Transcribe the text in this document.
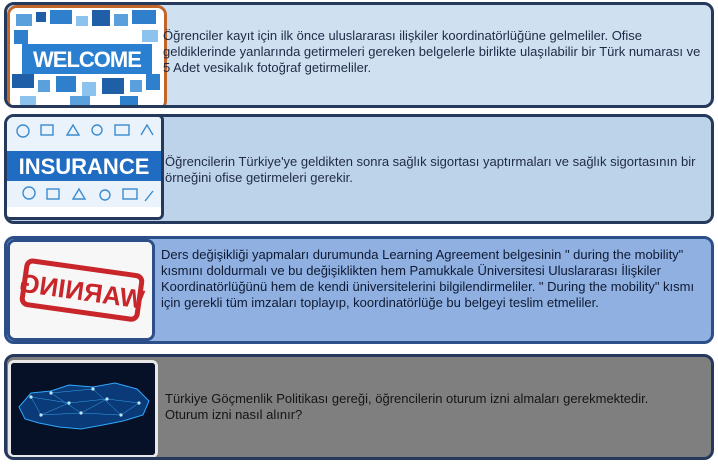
WELCOME
Öğrenciler kayıt için ilk önce uluslararası ilişkiler koordinatörlüğüne gelmeliler. Ofise geldiklerinde yanlarında getirmeleri gereken belgelerle birlikte ulaşılabilir bir Türk numarası ve 5 Adet vesikalık fotoğraf getirmeliler.
INSURANCE Öğrencilerin Türkiye'ye geldikten sonra sağlık sigortası yaptırmaları ve sağlık sigortasının bir örneğini ofise getirmeleri gerekir.
WARNING
Ders değişikliği yapmaları durumunda Learning Agreement belgesinin " during the mobility" kısmını doldurmalı ve bu değişiklikten hem Pamukkale Üniversitesi Uluslararası İlişkiler Koordinatörlüğünü hem de kendi üniversitelerini bilgilendirmeliler. " During the mobility" kısmı için gerekli tüm imzaları toplayıp, koordinatörlüğe bu belgeyi teslim etmeliler.
Türkiye Göçmenlik Politikası gereği, öğrencilerin oturum izni almaları gerekmektedir. Oturum izni nasıl alınır?
